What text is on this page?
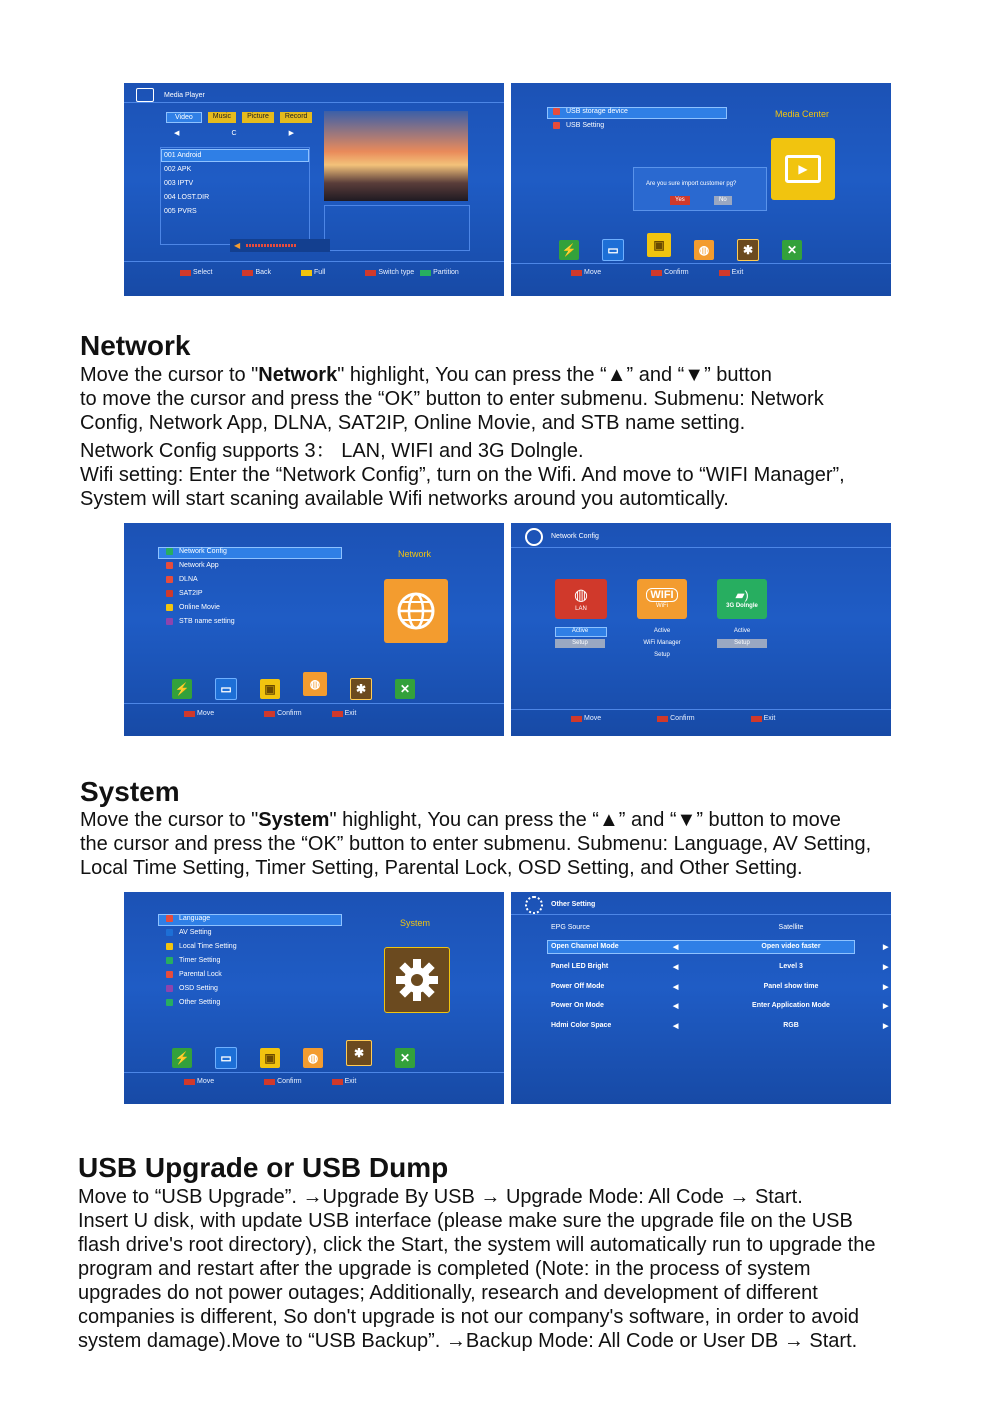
Media Player
Video	Music	Picture	Record
◀	C	▶
001 Android
002 APK
003 IPTV
004 LOST.DIR
005 PVRS
◀
Select	Back	Full	Switch type	Partition
USB storage device
USB Setting
Media Center
▶
Are you sure import customer pg?
Yes	No
⚡	▭	▣	◍	✱	✕
Move	Confirm	Exit
Network

Move the cursor to "Network" highlight, You can press the “▲” and “▼” button

to move the cursor and press the “OK” button to enter submenu. Submenu: Network

Config, Network App, DLNA, SAT2IP, Online Movie, and STB name setting.

Network Config supports 3： LAN, WIFI and 3G Dolngle.

Wifi setting: Enter the “Network Config”, turn on the Wifi. And move to “WIFI Manager”,

System will start scaning available Wifi networks around you automtically.

Network Config
Network App
DLNA
SAT2IP
Online Movie
STB name setting
Network
⚡	▭	▣	◍	✱	✕
Move	Confirm	Exit
Network Config
◍
LAN
Active
Setup
WIFI
WiFi
Active
WiFi Manager
Setup
▰)
3G Dolngle
Active
Setup
Move	Confirm	Exit
System

Move the cursor to "System" highlight, You can press the “▲” and “▼” button to move

the cursor and press the “OK” button to enter submenu. Submenu: Language, AV Setting,

Local Time Setting, Timer Setting, Parental Lock, OSD Setting, and Other Setting.

Language
AV Setting
Local Time Setting
Timer Setting
Parental Lock
OSD Setting
Other Setting
System
⚡	▭	▣	◍	✱	✕
Move	Confirm	Exit
Other Setting
EPG Source	Satellite
Open Channel Mode	◀	Open video faster	▶
Panel LED Bright	◀	Level 3	▶
Power Off Mode	◀	Panel show time	▶
Power On Mode	◀	Enter Application Mode	▶
Hdmi Color Space	◀	RGB	▶
USB Upgrade or USB Dump

Move to “USB Upgrade”. →Upgrade By USB → Upgrade Mode: All Code → Start.

Insert U disk, with update USB interface (please make sure the upgrade file on the USB

flash drive's root directory), click the Start, the system will automatically run to upgrade the

program and restart after the upgrade is completed (Note: in the process of system

upgrades do not power outages; Additionally, research and development of different

companies is different, So don't upgrade is not our company's software, in order to avoid

system damage).Move to “USB Backup”. →Backup Mode: All Code or User DB → Start.
